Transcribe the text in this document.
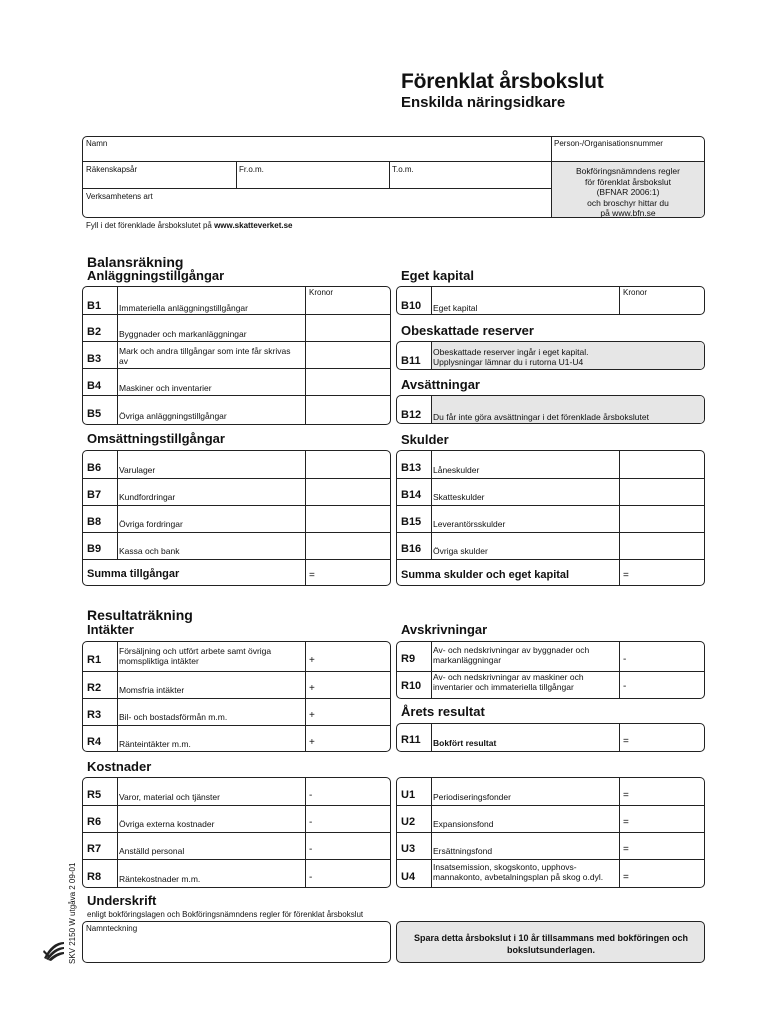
Förenklat årsbokslut
Enskilda näringsidkare
Namn	Person-/Organisationsnummer
Räkenskapsår	Fr.o.m.	T.o.m.
Verksamhetens art
Bokföringsnämndens regler
för förenklat årsbokslut
(BFNAR 2006:1)
och broschyr hittar du
på www.bfn.se
Fyll i det förenklade årsbokslutet på www.skatteverket.se
Balansräkning
Anläggningstillgångar
Kronor
B1 Immateriella anläggningstillgångar
B2 Byggnader och markanläggningar
B3
Mark och andra tillgångar som inte får skrivas av
B4 Maskiner och inventarier
B5 Övriga anläggningstillgångar
Omsättningstillgångar
B6 Varulager
B7 Kundfordringar
B8 Övriga fordringar
B9 Kassa och bank
Summa tillgångar	=
Eget kapital
Kronor
B10 Eget kapital
Obeskattade reserver
B11
Obeskattade reserver ingår i eget kapital.
Upplysningar lämnar du i rutorna U1-U4
Avsättningar
B12 Du får inte göra avsättningar i det förenklade årsbokslutet
Skulder
B13 Låneskulder
B14 Skatteskulder
B15 Leverantörsskulder
B16 Övriga skulder
Summa skulder och eget kapital	=
Resultaträkning
Intäkter
R1
Försäljning och utfört arbete samt övriga momspliktiga intäkter	+
R2 Momsfria intäkter	+
R3 Bil- och bostadsförmån m.m.	+
R4 Ränteintäkter m.m.	+
Kostnader
R5 Varor, material och tjänster	-
R6 Övriga externa kostnader	-
R7 Anställd personal	-
R8 Räntekostnader m.m.	-
Avskrivningar
R9
Av- och nedskrivningar av byggnader och markanläggningar	-
R10
Av- och nedskrivningar av maskiner och inventarier och immateriella tillgångar	-
Årets resultat
R11 Bokfört resultat	=
U1 Periodiseringsfonder	=
U2 Expansionsfond	=
U3 Ersättningsfond	=
U4
Insatsemission, skogskonto, upphovs-mannakonto, avbetalningsplan på skog o.dyl.	=
Underskrift
enligt bokföringslagen och Bokföringsnämndens regler för förenklat årsbokslut
Namnteckning
Spara detta årsbokslut i 10 år tillsammans med bokföringen och bokslutsunderlagen.
SKV 2150 W utgåva 2 09-01
